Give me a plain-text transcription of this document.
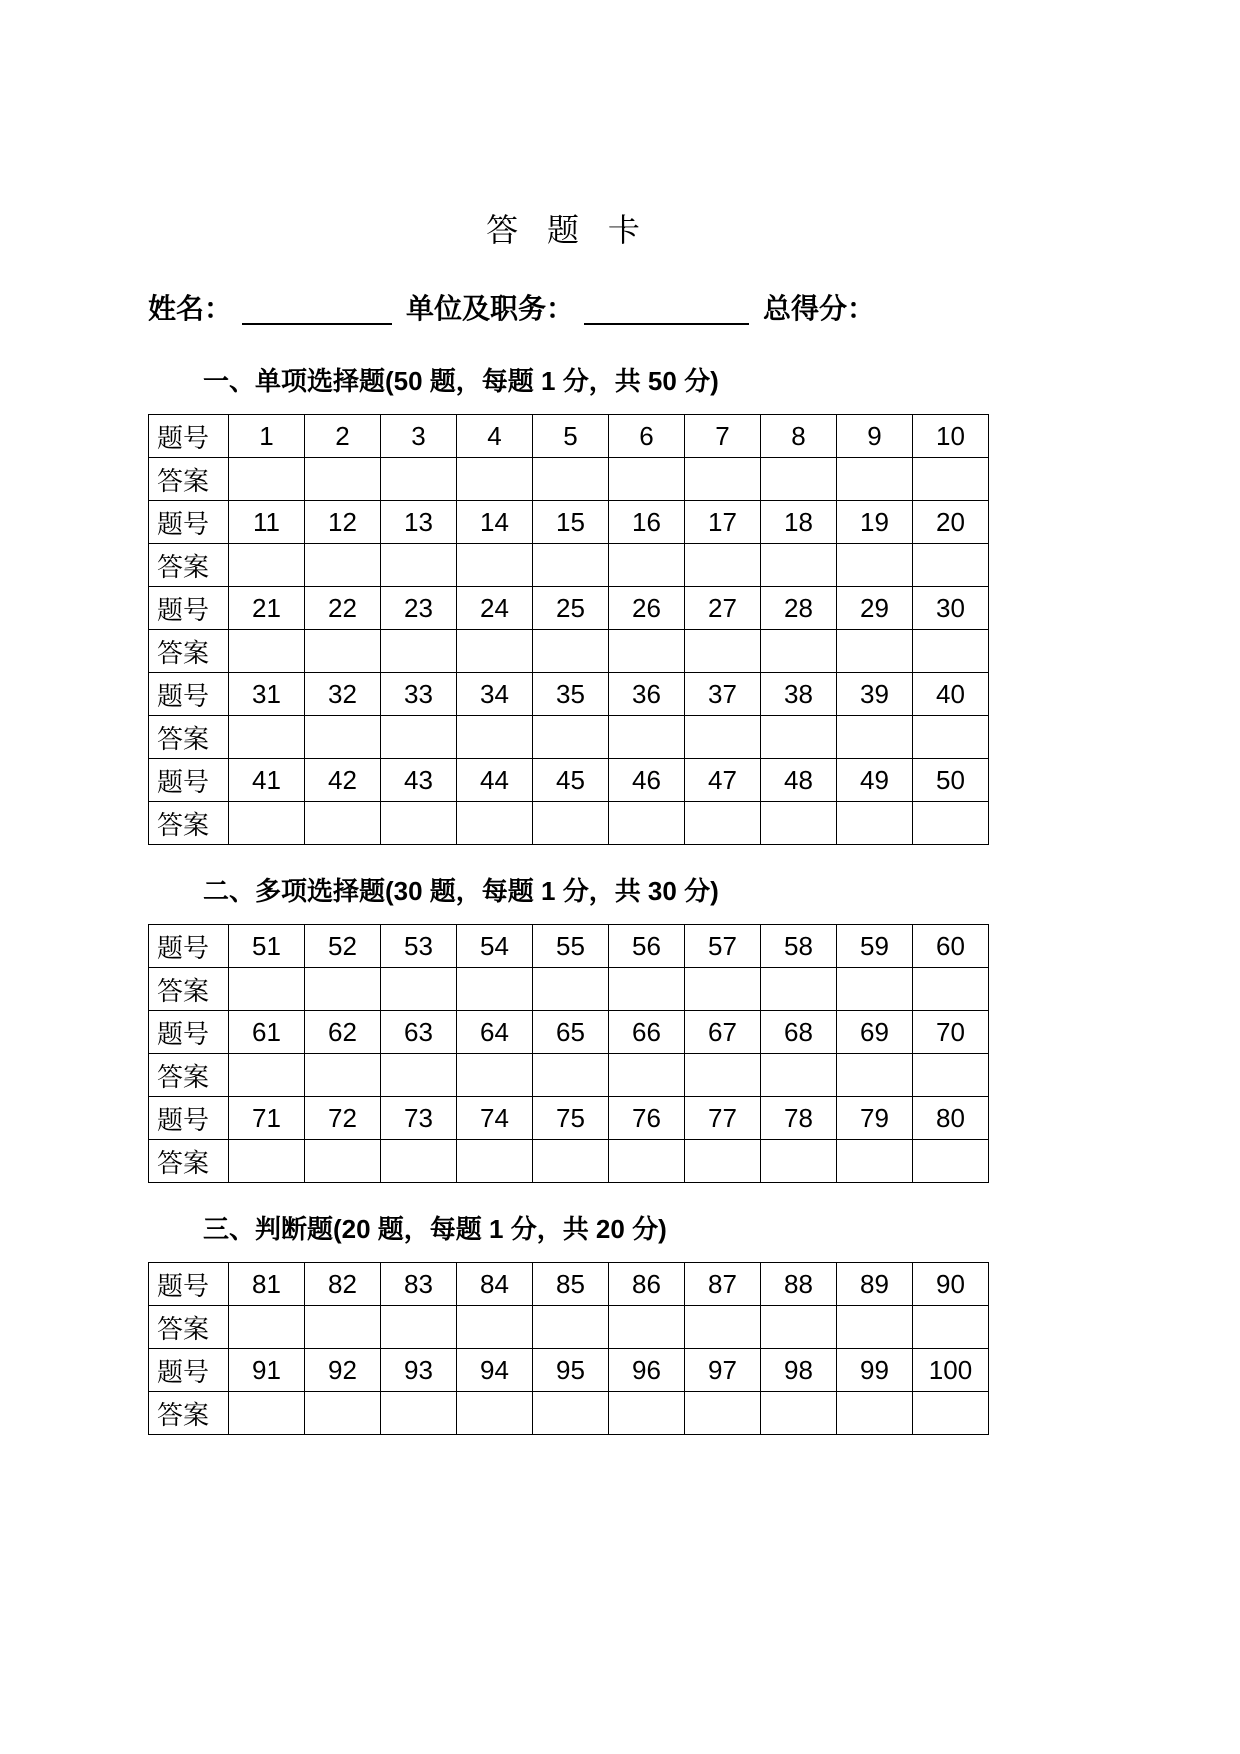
答 题 卡
姓名：	单位及职务：	总得分：
一、单项选择题(50 题，每题 1 分，共 50 分)
题号	1	2	3	4	5	6	7	8	9	10
答案										
题号	11	12	13	14	15	16	17	18	19	20
答案										
题号	21	22	23	24	25	26	27	28	29	30
答案										
题号	31	32	33	34	35	36	37	38	39	40
答案										
题号	41	42	43	44	45	46	47	48	49	50
答案										
二、多项选择题(30 题，每题 1 分，共 30 分)
题号	51	52	53	54	55	56	57	58	59	60
答案										
题号	61	62	63	64	65	66	67	68	69	70
答案										
题号	71	72	73	74	75	76	77	78	79	80
答案										
三、判断题(20 题，每题 1 分，共 20 分)
题号	81	82	83	84	85	86	87	88	89	90
答案										
题号	91	92	93	94	95	96	97	98	99	100
答案										
